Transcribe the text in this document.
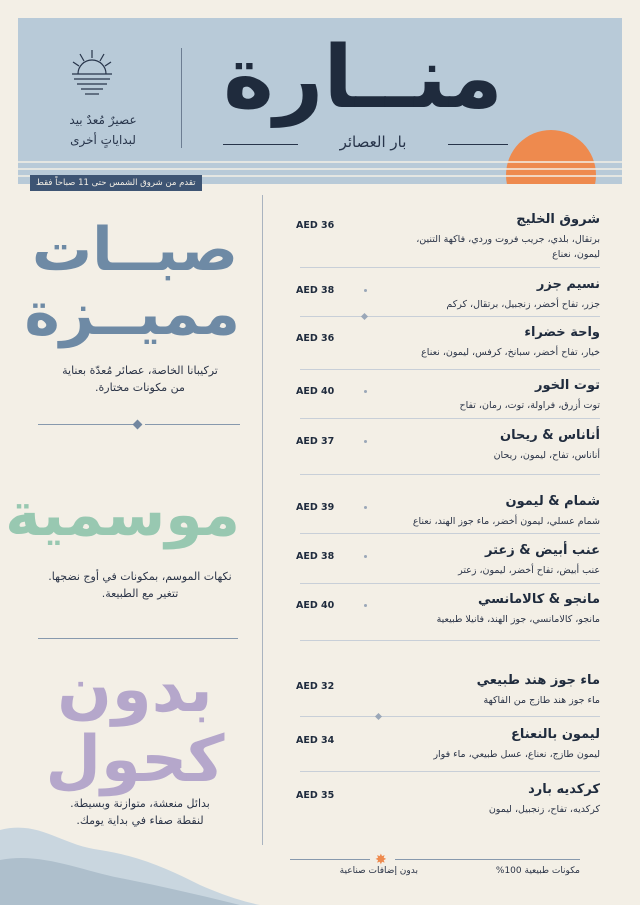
عصيرٌ مُعدٌ بيد
لبداياتٍ أخرى
منــارة
بار العصائر
تقدم من شروق الشمس حتى 11 صباحاً فقط
صبــات
مميــزة
تركيبانا الخاصة، عصائر مُعدّة بعناية
من مكونات مختارة.
موسمية
نكهات الموسم، بمكونات في أوج نضجها.
تتغير مع الطبيعة.
بدون
كحول
بدائل منعشة، متوازنة وبسيطة.
لنقطة صفاء في بداية يومك.
AED 36	شروق الخليج
برتقال، بلدي، جريب فروت وردي، فاكهة التنين، ليمون، نعناع
AED 38	نسيم جزر
جزر، تفاح أخضر، زنجبيل، برتقال، كركم
AED 36	واحة خضراء
خيار، تفاح أخضر، سبانخ، كرفس، ليمون، نعناع
AED 40	توت الخور
توت أزرق، فراولة، توت، رمان، تفاح
AED 37	أناناس & ريحان
أناناس، تفاح، ليمون، ريحان
AED 39	شمام & ليمون
شمام عسلي، ليمون أخضر، ماء جوز الهند، نعناع
AED 38	عنب أبيض & زعتر
عنب أبيض، تفاح أخضر، ليمون، زعتر
AED 40	مانجو & كالامانسي
مانجو، كالامانسي، جوز الهند، فانيلا طبيعية
AED 32	ماء جوز هند طبيعي
ماء جوز هند طازج من الفاكهة
AED 34	ليمون بالنعناع
ليمون طازج، نعناع، عسل طبيعي، ماء فوار
AED 35	كركديه بارد
كركديه، تفاح، زنجبيل، ليمون
✸
مكونات طبيعية 100%
بدون إضافات صناعية
